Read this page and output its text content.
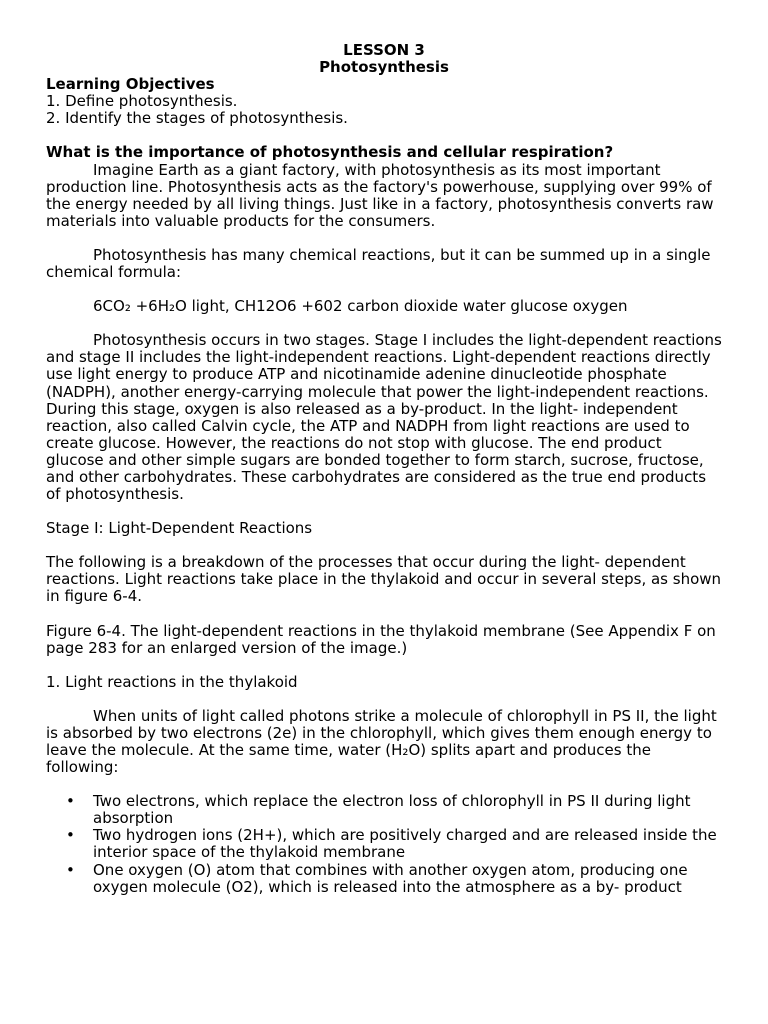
LESSON 3

Photosynthesis

Learning Objectives

1. Define photosynthesis.

2. Identify the stages of photosynthesis.

What is the importance of photosynthesis and cellular respiration?

Imagine Earth as a giant factory, with photosynthesis as its most important production line. Photosynthesis acts as the factory's powerhouse, supplying over 99% of the energy needed by all living things. Just like in a factory, photosynthesis converts raw materials into valuable products for the consumers.

Photosynthesis has many chemical reactions, but it can be summed up in a single chemical formula:

6CO₂ +6H₂O light, CH12O6 +602 carbon dioxide water glucose oxygen

Photosynthesis occurs in two stages. Stage I includes the light-dependent reactions and stage II includes the light-independent reactions. Light-dependent reactions directly use light energy to produce ATP and nicotinamide adenine dinucleotide phosphate (NADPH), another energy-carrying molecule that power the light-independent reactions. During this stage, oxygen is also released as a by-product. In the light- independent reaction, also called Calvin cycle, the ATP and NADPH from light reactions are used to create glucose. However, the reactions do not stop with glucose. The end product glucose and other simple sugars are bonded together to form starch, sucrose, fructose, and other carbohydrates. These carbohydrates are considered as the true end products of photosynthesis.

Stage I: Light-Dependent Reactions

The following is a breakdown of the processes that occur during the light- dependent reactions. Light reactions take place in the thylakoid and occur in several steps, as shown in figure 6-4.

Figure 6-4. The light-dependent reactions in the thylakoid membrane (See Appendix F on page 283 for an enlarged version of the image.)

1. Light reactions in the thylakoid

When units of light called photons strike a molecule of chlorophyll in PS II, the light is absorbed by two electrons (2e) in the chlorophyll, which gives them enough energy to leave the molecule. At the same time, water (H₂O) splits apart and produces the following:

• Two electrons, which replace the electron loss of chlorophyll in PS II during light absorption
• Two hydrogen ions (2H+), which are positively charged and are released inside the interior space of the thylakoid membrane
• One oxygen (O) atom that combines with another oxygen atom, producing one oxygen molecule (O2), which is released into the atmosphere as a by- product
